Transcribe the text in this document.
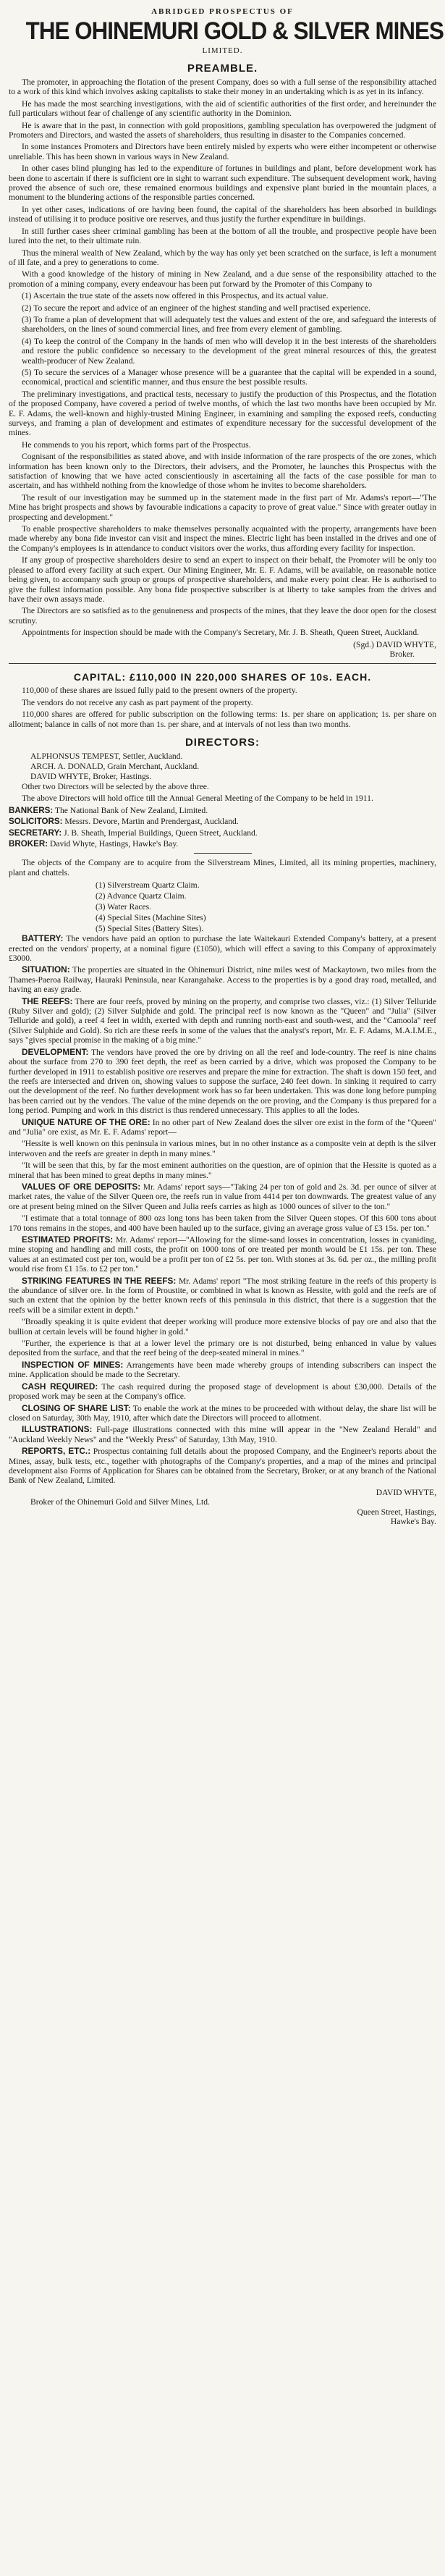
ABRIDGED PROSPECTUS OF
THE OHINEMURI GOLD & SILVER MINES
LIMITED.
PREAMBLE.

The promoter, in approaching the flotation of the present Company, does so with a full sense of the responsibility attached to a work of this kind which involves asking capitalists to stake their money in an undertaking which is as yet in its infancy.

He has made the most searching investigations, with the aid of scientific authorities of the first order, and hereinunder the full particulars without fear of challenge of any scientific authority in the Dominion.

He is aware that in the past, in connection with gold propositions, gambling speculation has overpowered the judgment of Promoters and Directors, and wasted the assets of shareholders, thus resulting in disaster to the Companies concerned.

In some instances Promoters and Directors have been entirely misled by experts who were either incompetent or otherwise unreliable. This has been shown in various ways in New Zealand.

In other cases blind plunging has led to the expenditure of fortunes in buildings and plant, before development work has been done to ascertain if there is sufficient ore in sight to warrant such expenditure. The subsequent development work, having proved the absence of such ore, these remained enormous buildings and expensive plant buried in the mountain places, a monument to the blundering actions of the responsible parties concerned.

In yet other cases, indications of ore having been found, the capital of the shareholders has been absorbed in buildings instead of utilising it to produce positive ore reserves, and thus justify the further expenditure in buildings.

In still further cases sheer criminal gambling has been at the bottom of all the trouble, and prospective people have been lured into the net, to their ultimate ruin.

Thus the mineral wealth of New Zealand, which by the way has only yet been scratched on the surface, is left a monument of ill fate, and a prey to generations to come.

With a good knowledge of the history of mining in New Zealand, and a due sense of the responsibility attached to the promotion of a mining company, every endeavour has been put forward by the Promoter of this Company to

(1) Ascertain the true state of the assets now offered in this Prospectus, and its actual value.

(2) To secure the report and advice of an engineer of the highest standing and well practised experience.

(3) To frame a plan of development that will adequately test the values and extent of the ore, and safeguard the interests of shareholders, on the lines of sound commercial lines, and free from every element of gambling.

(4) To keep the control of the Company in the hands of men who will develop it in the best interests of the shareholders and restore the public confidence so necessary to the development of the great mineral resources of this, the greatest wealth-producer of New Zealand.

(5) To secure the services of a Manager whose presence will be a guarantee that the capital will be expended in a sound, economical, practical and scientific manner, and thus ensure the best possible results.

The preliminary investigations, and practical tests, necessary to justify the production of this Prospectus, and the flotation of the proposed Company, have covered a period of twelve months, of which the last two months have been occupied by Mr. E. F. Adams, the well-known and highly-trusted Mining Engineer, in examining and sampling the exposed reefs, conducting surveys, and framing a plan of development and estimates of expenditure necessary for the successful development of the mines.

He commends to you his report, which forms part of the Prospectus.

Cognisant of the responsibilities as stated above, and with inside information of the rare prospects of the ore zones, which information has been known only to the Directors, their advisers, and the Promoter, he launches this Prospectus with the satisfaction of knowing that we have acted conscientiously in ascertaining all the facts of the case possible for man to ascertain, and has withheld nothing from the knowledge of those whom he invites to become shareholders.

The result of our investigation may be summed up in the statement made in the first part of Mr. Adams's report—"The Mine has bright prospects and shows by favourable indications a capacity to prove of great value." Since with greater outlay in prospecting and development."

To enable prospective shareholders to make themselves personally acquainted with the property, arrangements have been made whereby any bona fide investor can visit and inspect the mines. Electric light has been installed in the drives and one of the Company's employees is in attendance to conduct visitors over the works, thus affording every facility for inspection.

If any group of prospective shareholders desire to send an expert to inspect on their behalf, the Promoter will be only too pleased to afford every facility at such expert. Our Mining Engineer, Mr. E. F. Adams, will be available, on reasonable notice being given, to accompany such group or groups of prospective shareholders, and make every point clear. He is authorised to give the fullest information possible. Any bona fide prospective subscriber is at liberty to take samples from the drives and have their own assays made.

The Directors are so satisfied as to the genuineness and prospects of the mines, that they leave the door open for the closest scrutiny.

Appointments for inspection should be made with the Company's Secretary, Mr. J. B. Sheath, Queen Street, Auckland.

(Sgd.) DAVID WHYTE,
Broker.
CAPITAL: £110,000 IN 220,000 SHARES OF 10s. EACH.

110,000 of these shares are issued fully paid to the present owners of the property.

The vendors do not receive any cash as part payment of the property.

110,000 shares are offered for public subscription on the following terms: 1s. per share on application; 1s. per share on allotment; balance in calls of not more than 1s. per share, and at intervals of not less than two months.

DIRECTORS:
ALPHONSUS TEMPEST, Settler, Auckland.
ARCH. A. DONALD, Grain Merchant, Auckland.
DAVID WHYTE, Broker, Hastings.

Other two Directors will be selected by the above three.

The above Directors will hold office till the Annual General Meeting of the Company to be held in 1911.

BANKERS: The National Bank of New Zealand, Limited.
SOLICITORS: Messrs. Devore, Martin and Prendergast, Auckland.
SECRETARY: J. B. Sheath, Imperial Buildings, Queen Street, Auckland.
BROKER: David Whyte, Hastings, Hawke's Bay.

The objects of the Company are to acquire from the Silverstream Mines, Limited, all its mining properties, machinery, plant and chattels.

(1) Silverstream Quartz Claim.
(2) Advance Quartz Claim.
(3) Water Races.
(4) Special Sites (Machine Sites)
(5) Special Sites (Battery Sites).

BATTERY: The vendors have paid an option to purchase the late Waitekauri Extended Company's battery, at a present erected on the vendors' property, at a nominal figure (£1050), which will effect a saving to this Company of approximately £3000.

SITUATION: The properties are situated in the Ohinemuri District, nine miles west of Mackaytown, two miles from the Thames-Paeroa Railway, Hauraki Peninsula, near Karangahake. Access to the properties is by a good dray road, metalled, and having an easy grade.

THE REEFS: There are four reefs, proved by mining on the property, and comprise two classes, viz.: (1) Silver Telluride (Ruby Silver and gold); (2) Silver Sulphide and gold. The principal reef is now known as the "Queen" and "Julia" (Silver Telluride and gold), a reef 4 feet in width, exerted with depth and running north-east and south-west, and the "Camoola" reef (Silver Sulphide and Gold). So rich are these reefs in some of the values that the analyst's report, Mr. E. F. Adams, M.A.I.M.E., says "gives special promise in the making of a big mine."

DEVELOPMENT: The vendors have proved the ore by driving on all the reef and lode-country. The reef is nine chains about the surface from 270 to 390 feet depth, the reef as been carried by a drive, which was proposed the Company to be further developed in 1911 to establish positive ore reserves and prepare the mine for extraction. The shaft is down 150 feet, and the reefs are intersected and driven on, showing values to suppose the surface, 240 feet down. In sinking it required to carry out the development of the reef. No further development work has so far been undertaken. This was done long before pumping has been carried out by the vendors. The value of the mine depends on the ore proving, and the Company is thus prepared for a long period. Pumping and work in this district is thus rendered unnecessary. This applies to all the lodes.

UNIQUE NATURE OF THE ORE: In no other part of New Zealand does the silver ore exist in the form of the "Queen" and "Julia" ore exist, as Mr. E. F. Adams' report—

"Hessite is well known on this peninsula in various mines, but in no other instance as a composite vein at depth is the silver interwoven and the reefs are greater in depth in many mines."

"It will be seen that this, by far the most eminent authorities on the question, are of opinion that the Hessite is quoted as a mineral that has been mined to great depths in many mines."

VALUES OF ORE DEPOSITS: Mr. Adams' report says—"Taking 24 per ton of gold and 2s. 3d. per ounce of silver at market rates, the value of the Silver Queen ore, the reefs run in value from 4414 per ton downwards. The greatest value of any ore at present being mined on the Silver Queen and Julia reefs carries as high as 1000 ounces of silver to the ton."

"I estimate that a total tonnage of 800 ozs long tons has been taken from the Silver Queen stopes. Of this 600 tons about 170 tons remains in the stopes, and 400 have been hauled up to the surface, giving an average gross value of £3 15s. per ton."

ESTIMATED PROFITS: Mr. Adams' report—"Allowing for the slime-sand losses in concentration, losses in cyaniding, mine stoping and handling and mill costs, the profit on 1000 tons of ore treated per month would be £1 15s. per ton. These values at an estimated cost per ton, would be a profit per ton of £2 5s. per ton. With stones at 3s. 6d. per oz., the milling profit would rise from £1 15s. to £2 per ton."

STRIKING FEATURES IN THE REEFS: Mr. Adams' report "The most striking feature in the reefs of this property is the abundance of silver ore. In the form of Proustite, or combined in what is known as Hessite, with gold and the reefs are of such an extent that the opinion by the better known reefs of this peninsula in this district, that there is a suggestion that the reefs will be a similar extent in depth."

"Broadly speaking it is quite evident that deeper working will produce more extensive blocks of pay ore and also that the bullion at certain levels will be found higher in gold."

"Further, the experience is that at a lower level the primary ore is not disturbed, being enhanced in value by values deposited from the surface, and that the reef being of the deep-seated mineral in mines."

INSPECTION OF MINES: Arrangements have been made whereby groups of intending subscribers can inspect the mine. Application should be made to the Secretary.

CASH REQUIRED: The cash required during the proposed stage of development is about £30,000. Details of the proposed work may be seen at the Company's office.

CLOSING OF SHARE LIST: To enable the work at the mines to be proceeded with without delay, the share list will be closed on Saturday, 30th May, 1910, after which date the Directors will proceed to allotment.

ILLUSTRATIONS: Full-page illustrations connected with this mine will appear in the "New Zealand Herald" and "Auckland Weekly News" and the "Weekly Press" of Saturday, 13th May, 1910.

REPORTS, ETC.: Prospectus containing full details about the proposed Company, and the Engineer's reports about the Mines, assay, bulk tests, etc., together with photographs of the Company's properties, and a map of the mines and principal development also Forms of Application for Shares can be obtained from the Secretary, Broker, or at any branch of the National Bank of New Zealand, Limited.

DAVID WHYTE,
Broker of the Ohinemuri Gold and Silver Mines, Ltd.
Queen Street, Hastings,
Hawke's Bay.
